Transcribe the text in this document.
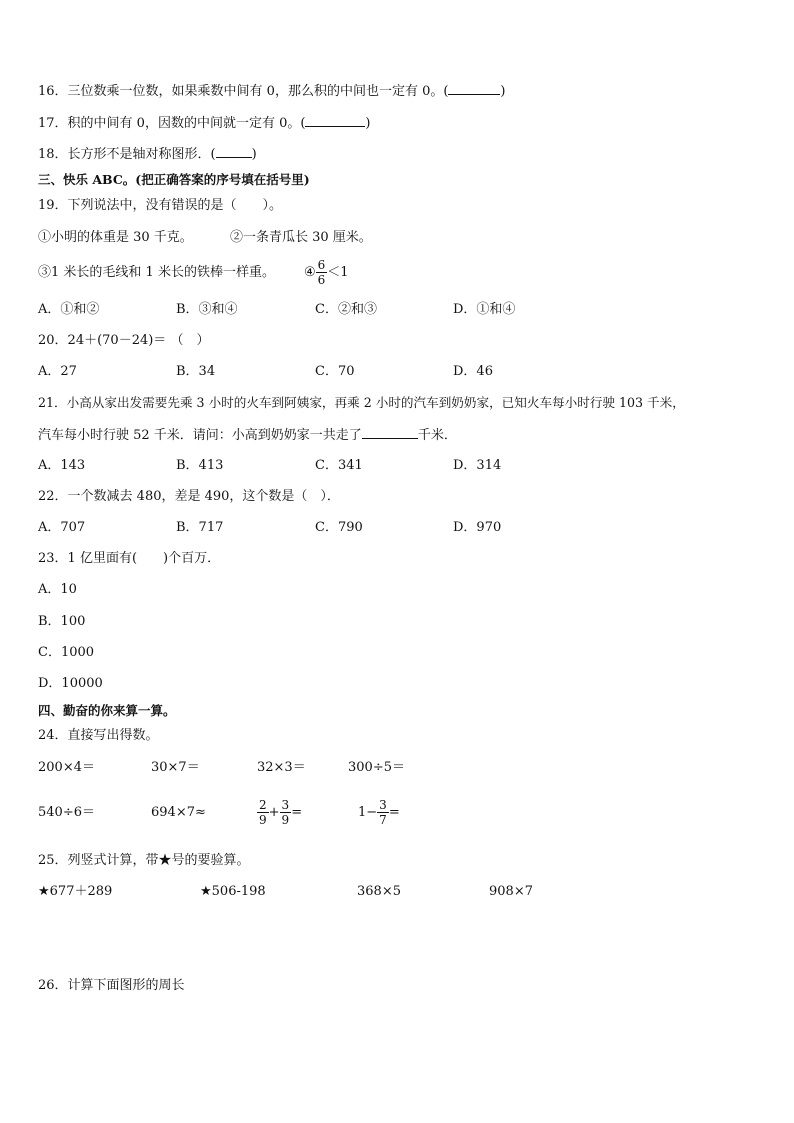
16．三位数乘一位数，如果乘数中间有 0，那么积的中间也一定有 0。(	)
17．积的中间有 0，因数的中间就一定有 0。(	)
18．长方形不是轴对称图形．(	)
三、快乐 ABC。(把正确答案的序号填在括号里)
19．下列说法中，没有错误的是（　　）。
①小明的体重是 30 千克。	②一条青瓜长 30 厘米。
③1 米长的毛线和 1 米长的铁棒一样重。 ④ $\frac{6}{6} <1$
A．①和②	B．③和④	C．②和③	D．①和④
20．24＋(70－24)＝ （　）
A．27	B．34	C．70	D．46
21．小高从家出发需要先乘 3 小时的火车到阿姨家，再乘 2 小时的汽车到奶奶家，已知火车每小时行驶 103 千米，
汽车每小时行驶 52 千米．请问：小高到奶奶家一共走了	千米．
A．143	B．413	C．341	D．314
22．一个数减去 480，差是 490，这个数是（　）．
A．707	B．717	C．790	D．970
23．1 亿里面有(　　)个百万．
A．10
B．100
C．1000
D．10000
四、勤奋的你来算一算。
24．直接写出得数。
200×4＝	30×7＝	32×3＝	300÷5＝
540÷6＝	694×7≈	$\frac{2}{9} + \frac{3}{9}$ =	$1- \frac{3}{7}$ =
25．列竖式计算，带★号的要验算。
★677＋289	★506-198	368×5	908×7
26．计算下面图形的周长
